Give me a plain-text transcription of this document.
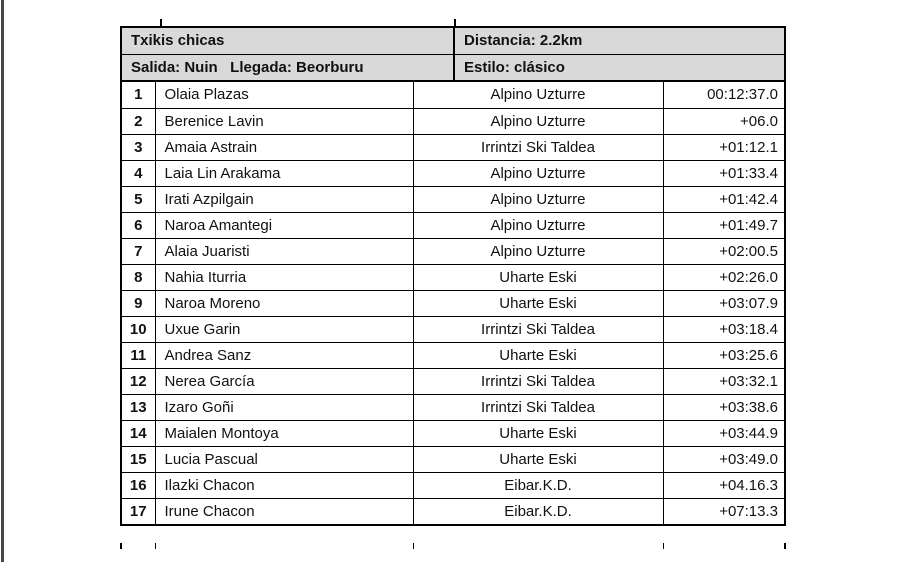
Txikis chicas	Distancia: 2.2km
Salida: Nuin   Llegada: Beorburu	Estilo: clásico
1	Olaia Plazas	Alpino Uzturre	00:12:37.0
2	Berenice Lavin	Alpino Uzturre	+06.0
3	Amaia Astrain	Irrintzi Ski Taldea	+01:12.1
4	Laia Lin Arakama	Alpino Uzturre	+01:33.4
5	Irati Azpilgain	Alpino Uzturre	+01:42.4
6	Naroa Amantegi	Alpino Uzturre	+01:49.7
7	Alaia Juaristi	Alpino Uzturre	+02:00.5
8	Nahia Iturria	Uharte Eski	+02:26.0
9	Naroa Moreno	Uharte Eski	+03:07.9
10	Uxue Garin	Irrintzi Ski Taldea	+03:18.4
11	Andrea Sanz	Uharte Eski	+03:25.6
12	Nerea García	Irrintzi Ski Taldea	+03:32.1
13	Izaro Goñi	Irrintzi Ski Taldea	+03:38.6
14	Maialen Montoya	Uharte Eski	+03:44.9
15	Lucia Pascual	Uharte Eski	+03:49.0
16	Ilazki Chacon	Eibar.K.D.	+04.16.3
17	Irune Chacon	Eibar.K.D.	+07:13.3
